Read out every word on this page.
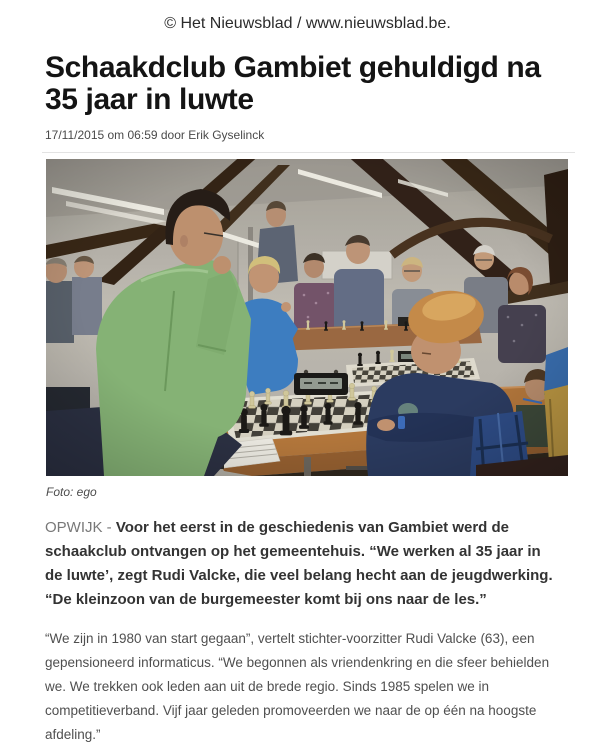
© Het Nieuwsblad / www.nieuwsblad.be.
Schaakdclub Gambiet gehuldigd na 35 jaar in luwte
17/11/2015 om 06:59 door Erik Gyselinck
Foto: ego

OPWIJK - Voor het eerst in de geschiedenis van Gambiet werd de schaakclub ontvangen op het gemeentehuis. “We werken al 35 jaar in de luwte’, zegt Rudi Valcke, die veel belang hecht aan de jeugdwerking. “De kleinzoon van de burgemeester komt bij ons naar de les.”

“We zijn in 1980 van start gegaan”, vertelt stichter-voorzitter Rudi Valcke (63), een gepensioneerd informaticus. “We begonnen als vriendenkring en die sfeer behielden we. We trekken ook leden aan uit de brede regio. Sinds 1985 spelen we in competitieverband. Vijf jaar geleden promoveerden we naar de op één na hoogste afdeling.”
